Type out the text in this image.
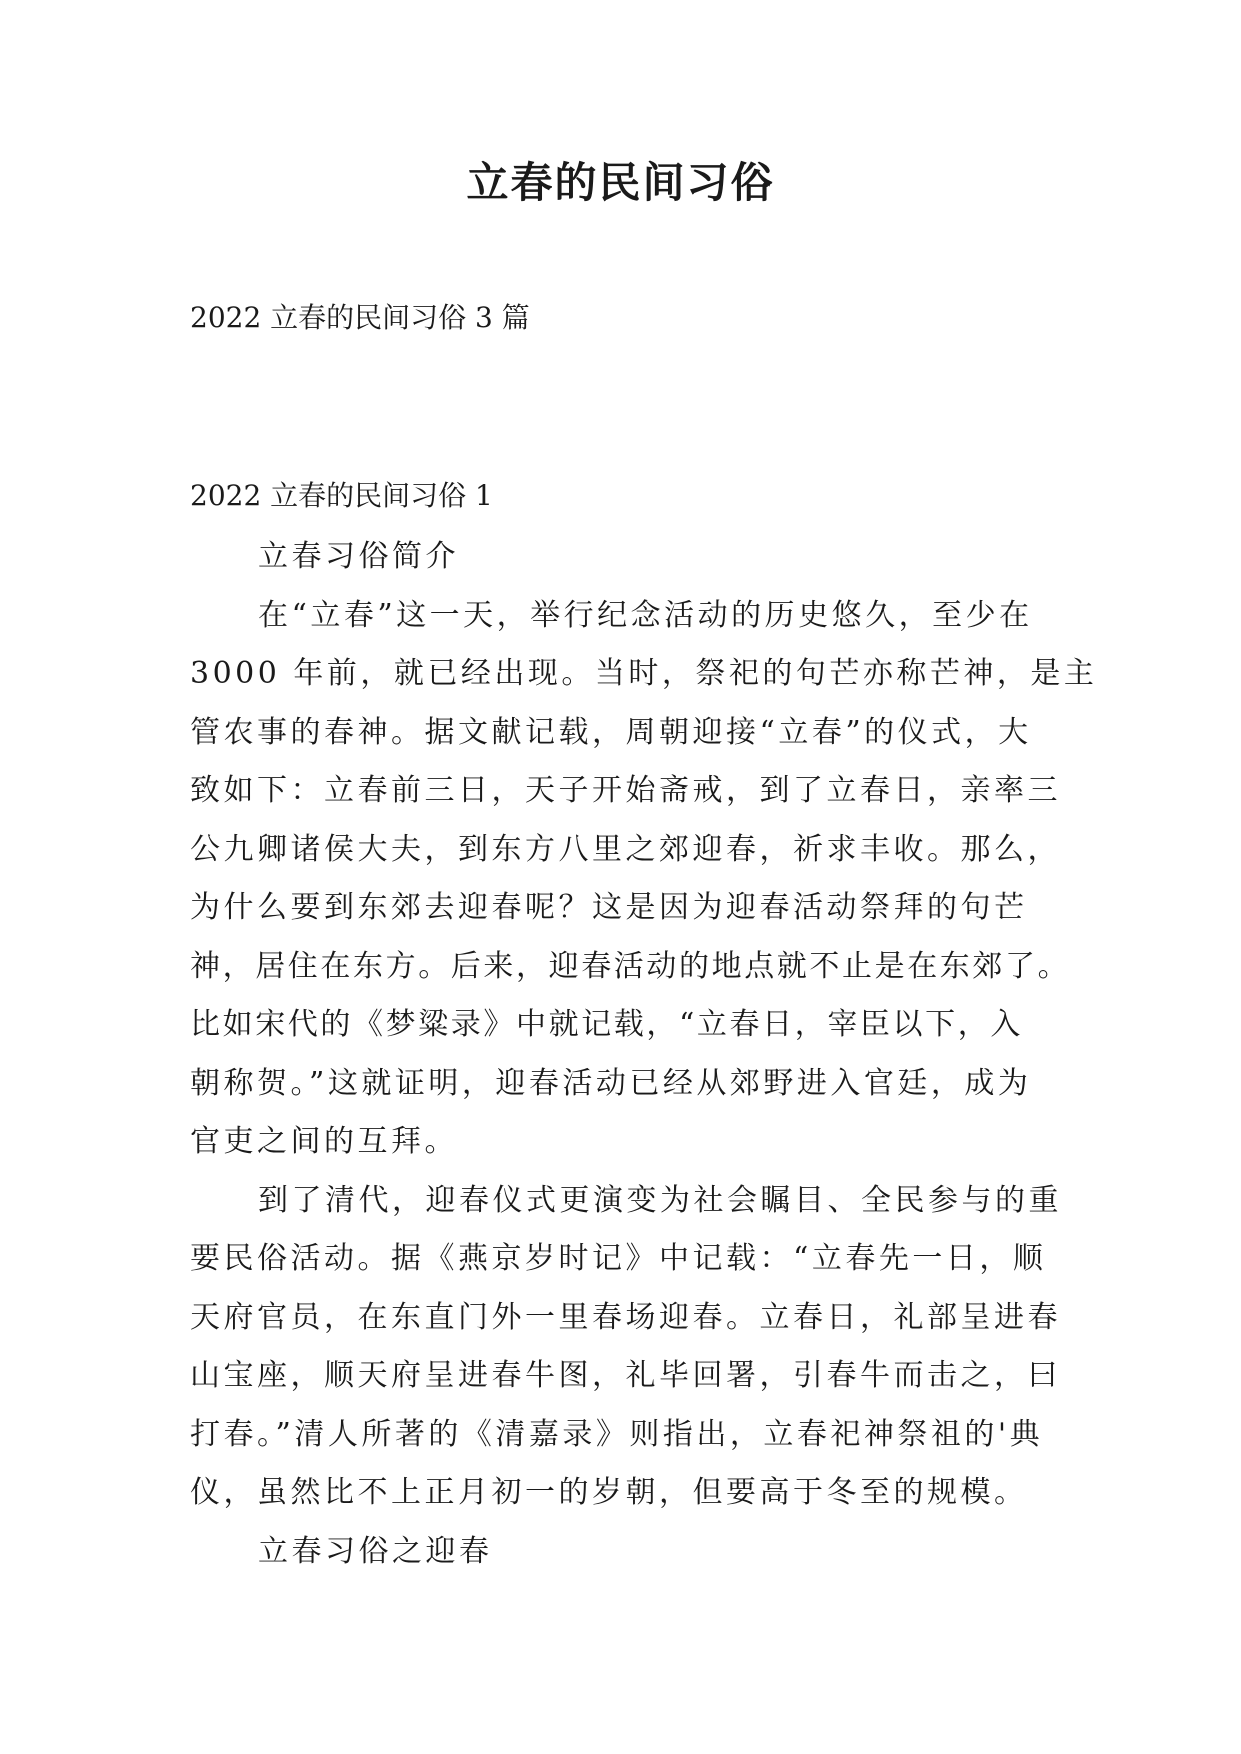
立春的民间习俗

2022 立春的民间习俗 3 篇

2022 立春的民间习俗 1

立春习俗简介
在“立春”这一天，举行纪念活动的历史悠久，至少在
3000 年前，就已经出现。当时，祭祀的句芒亦称芒神，是主
管农事的春神。据文献记载，周朝迎接“立春”的仪式，大
致如下：立春前三日，天子开始斋戒，到了立春日，亲率三
公九卿诸侯大夫，到东方八里之郊迎春，祈求丰收。那么，
为什么要到东郊去迎春呢？这是因为迎春活动祭拜的句芒
神，居住在东方。后来，迎春活动的地点就不止是在东郊了。
比如宋代的《梦粱录》中就记载，“立春日，宰臣以下，入
朝称贺。”这就证明，迎春活动已经从郊野进入官廷，成为
官吏之间的互拜。
到了清代，迎春仪式更演变为社会瞩目、全民参与的重
要民俗活动。据《燕京岁时记》中记载：“立春先一日，顺
天府官员，在东直门外一里春场迎春。立春日，礼部呈进春
山宝座，顺天府呈进春牛图，礼毕回署，引春牛而击之，曰
打春。”清人所著的《清嘉录》则指出，立春祀神祭祖的'典
仪，虽然比不上正月初一的岁朝，但要高于冬至的规模。
立春习俗之迎春
